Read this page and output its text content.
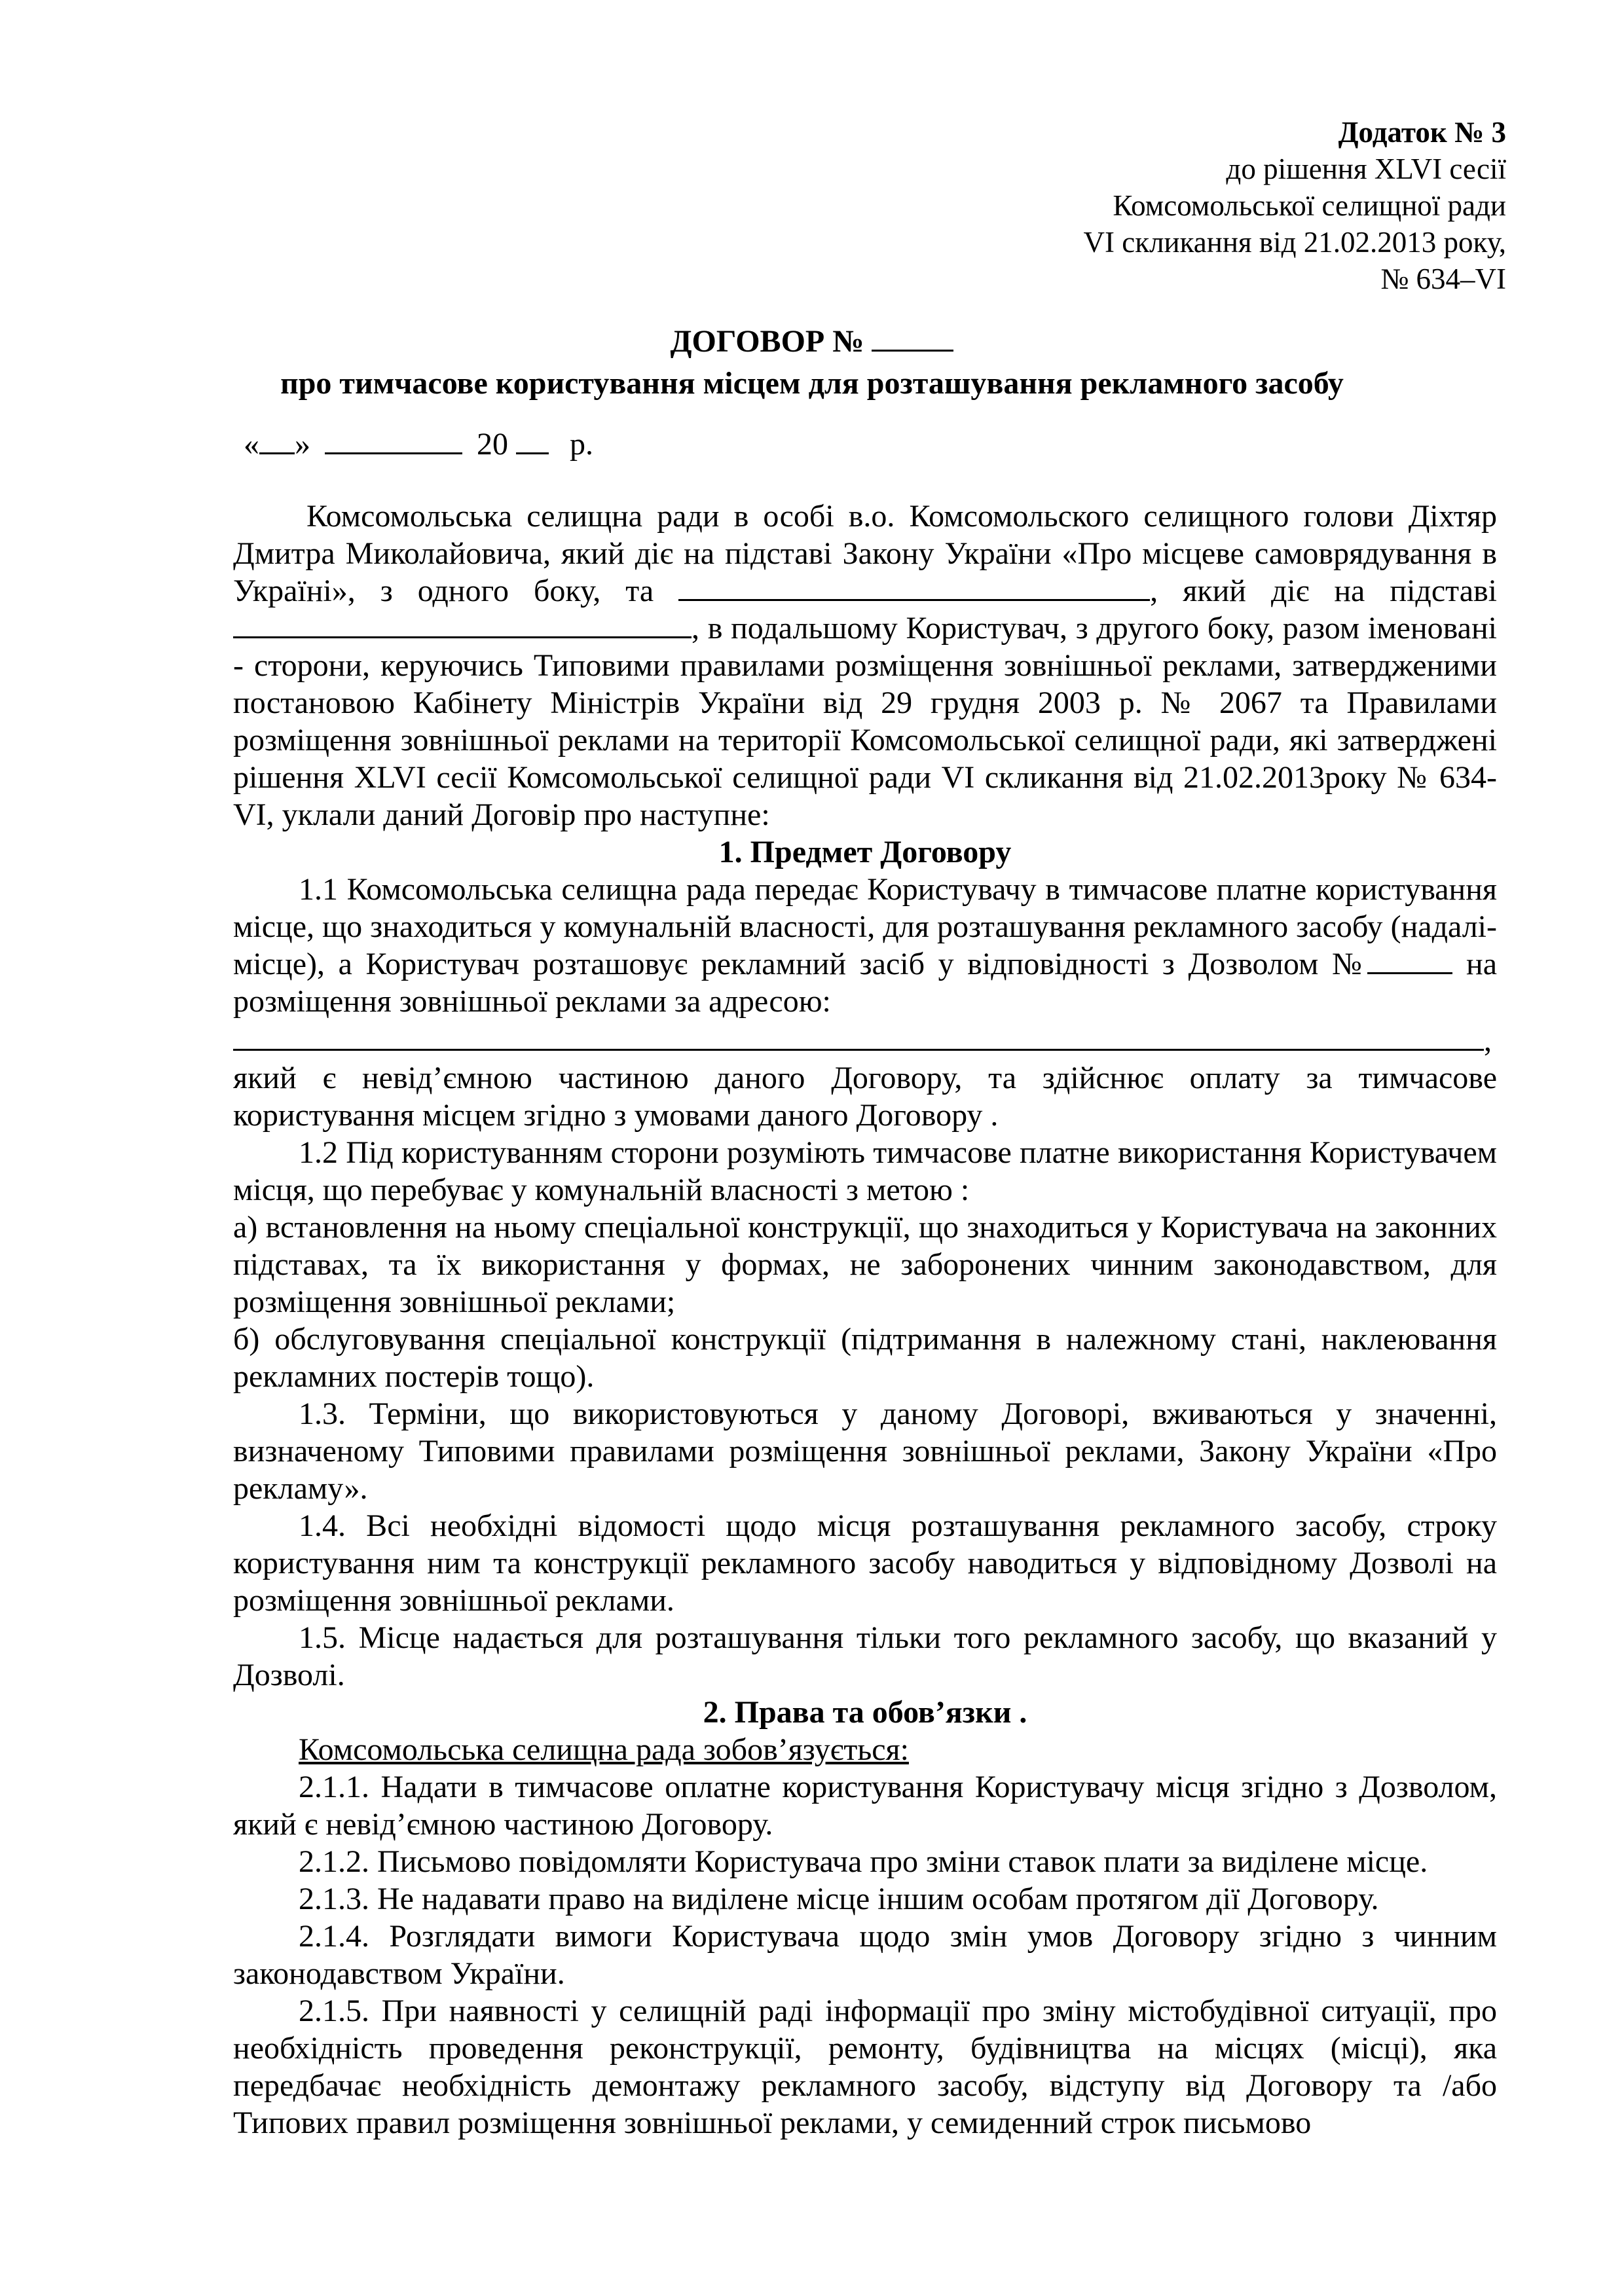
Додаток № 3
до рішення XLVI сесії
Комсомольської селищної ради
VI скликання від 21.02.2013 року,
№ 634–VI
ДОГОВОР №
про тимчасове користування місцем для розташування рекламного засобу
« »	20 р.

Комсомольська селищна ради в особі в.о. Комсомольского селищного голови Діхтяр Дмитра Миколайовича, який діє на підставі Закону України «Про місцеве самоврядування в Україні», з одного боку, та	, який діє на підставі , в подальшому Користувач, з другого боку, разом іменовані - сторони, керуючись Типовими правилами розміщення зовнішньої реклами, затвердженими постановою Кабінету Міністрів України від 29 грудня 2003 р. № 2067 та Правилами розміщення зовнішньої реклами на території Комсомольської селищної ради, які затверджені рішення XLVI сесії Комсомольської селищної ради VI скликання від 21.02.2013року № 634-VI, уклали даний Договір про наступне:

1. Предмет Договору

1.1 Комсомольська селищна рада передає Користувачу в тимчасове платне користування місце, що знаходиться у комунальній власності, для розташування рекламного засобу (надалі-місце), а Користувач розташовує рекламний засіб у відповідності з Дозволом №	на розміщення зовнішньої реклами за адресою:

,

який є невід’ємною частиною даного Договору, та здійснює оплату за тимчасове користування місцем згідно з умовами даного Договору .

1.2 Під користуванням сторони розуміють тимчасове платне використання Користувачем місця, що перебуває у комунальній власності з метою :

а) встановлення на ньому спеціальної конструкції, що знаходиться у Користувача на законних підставах, та їх використання у формах, не заборонених чинним законодавством, для розміщення зовнішньої реклами;

б) обслуговування спеціальної конструкції (підтримання в належному стані, наклеювання рекламних постерів тощо).

1.3. Терміни, що використовуються у даному Договорі, вживаються у значенні, визначеному Типовими правилами розміщення зовнішньої реклами, Закону України «Про рекламу».

1.4. Всі необхідні відомості щодо місця розташування рекламного засобу, строку користування ним та конструкції рекламного засобу наводиться у відповідному Дозволі на розміщення зовнішньої реклами.

1.5. Місце надається для розташування тільки того рекламного засобу, що вказаний у Дозволі.

2. Права та обов’язки .

Комсомольська селищна рада зобов’язується:

2.1.1. Надати в тимчасове оплатне користування Користувачу місця згідно з Дозволом, який є невід’ємною частиною Договору.

2.1.2. Письмово повідомляти Користувача про зміни ставок плати за виділене місце.

2.1.3. Не надавати право на виділене місце іншим особам протягом дії Договору.

2.1.4. Розглядати вимоги Користувача щодо змін умов Договору згідно з чинним законодавством України.

2.1.5. При наявності у селищній раді інформації про зміну містобудівної ситуації, про необхідність проведення реконструкції, ремонту, будівництва на місцях (місці), яка передбачає необхідність демонтажу рекламного засобу, відступу від Договору та /або Типових правил розміщення зовнішньої реклами, у семиденний строк письмово
